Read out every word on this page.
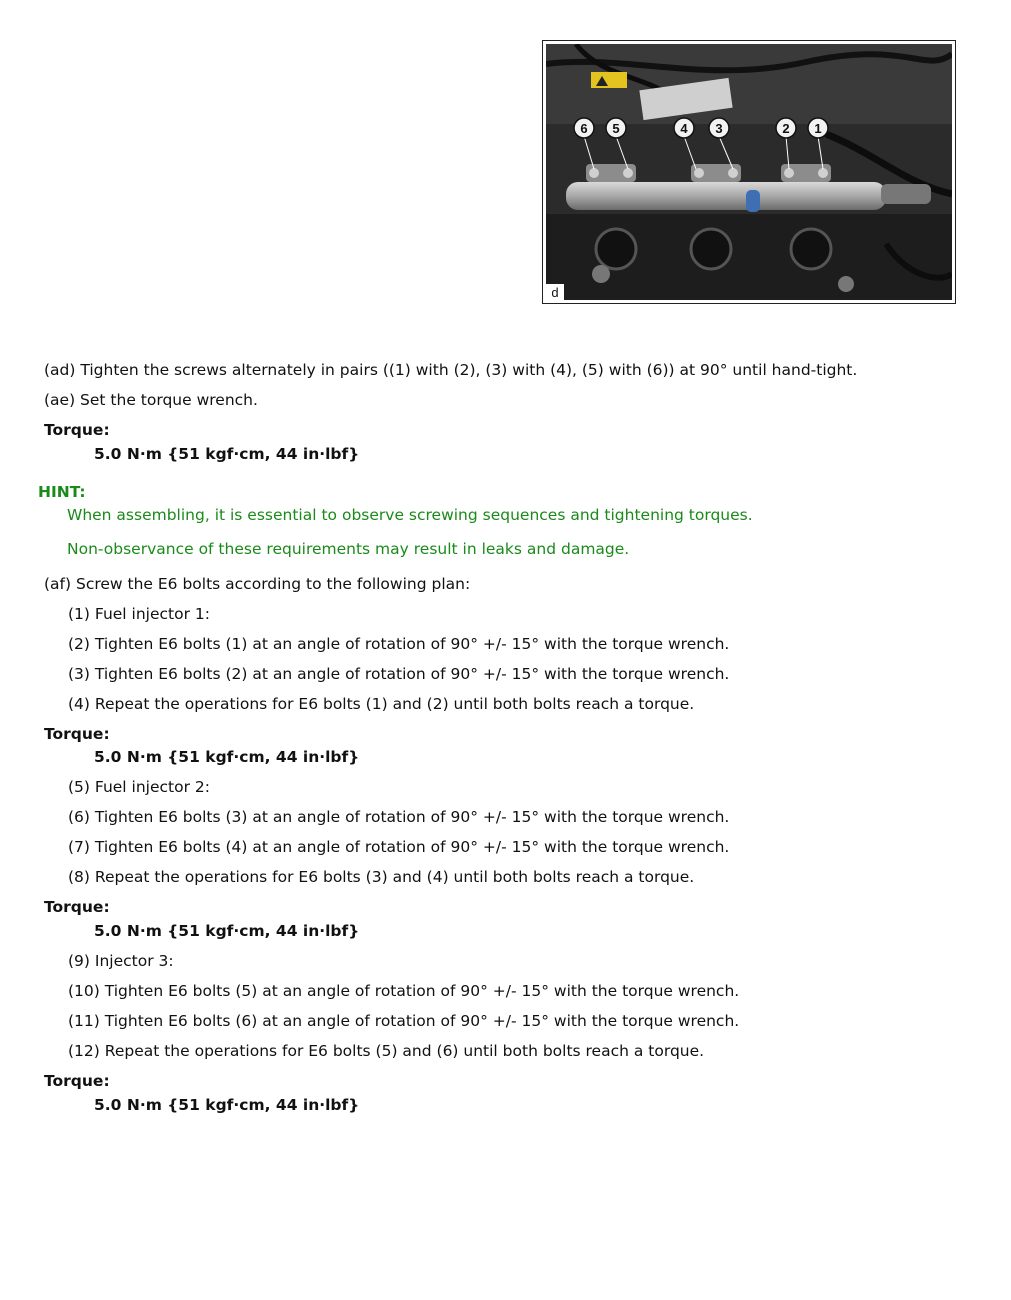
6 5	4 3	2 1
d
(ad) Tighten the screws alternately in pairs ((1) with (2), (3) with (4), (5) with (6)) at 90° until hand-tight.
(ae) Set the torque wrench.
Torque:
5.0 N·m {51 kgf·cm, 44 in·lbf}
HINT:
When assembling, it is essential to observe screwing sequences and tightening torques.
Non-observance of these requirements may result in leaks and damage.
(af) Screw the E6 bolts according to the following plan:
(1) Fuel injector 1:
(2) Tighten E6 bolts (1) at an angle of rotation of 90° +/- 15° with the torque wrench.
(3) Tighten E6 bolts (2) at an angle of rotation of 90° +/- 15° with the torque wrench.
(4) Repeat the operations for E6 bolts (1) and (2) until both bolts reach a torque.
Torque:
5.0 N·m {51 kgf·cm, 44 in·lbf}
(5) Fuel injector 2:
(6) Tighten E6 bolts (3) at an angle of rotation of 90° +/- 15° with the torque wrench.
(7) Tighten E6 bolts (4) at an angle of rotation of 90° +/- 15° with the torque wrench.
(8) Repeat the operations for E6 bolts (3) and (4) until both bolts reach a torque.
Torque:
5.0 N·m {51 kgf·cm, 44 in·lbf}
(9) Injector 3:
(10) Tighten E6 bolts (5) at an angle of rotation of 90° +/- 15° with the torque wrench.
(11) Tighten E6 bolts (6) at an angle of rotation of 90° +/- 15° with the torque wrench.
(12) Repeat the operations for E6 bolts (5) and (6) until both bolts reach a torque.
Torque:
5.0 N·m {51 kgf·cm, 44 in·lbf}
